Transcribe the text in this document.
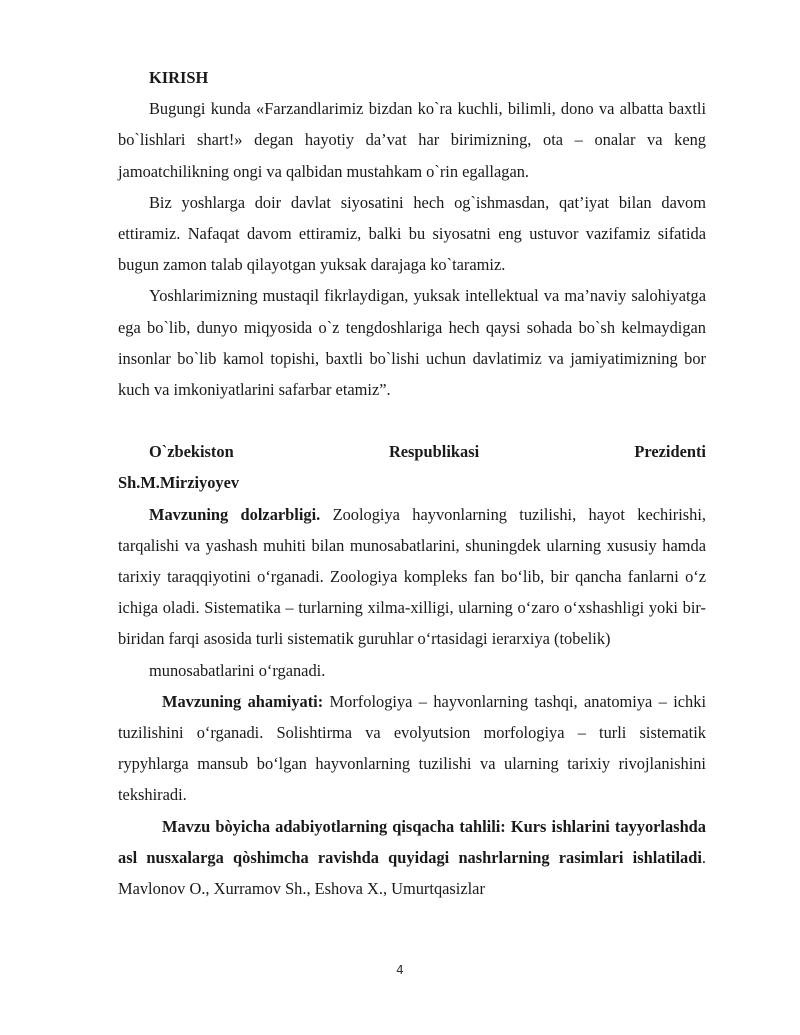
KIRISH

Bugungi kunda «Farzandlarimiz bizdan ko`ra kuchli, bilimli, dono va albatta baxtli bo`lishlari shart!» degan hayotiy da’vat har birimizning, ota – onalar va keng jamoatchilikning ongi va qalbidan mustahkam o`rin egallagan.

Biz yoshlarga doir davlat siyosatini hech og`ishmasdan, qat’iyat bilan davom ettiramiz. Nafaqat davom ettiramiz, balki bu siyosatni eng ustuvor vazifamiz sifatida bugun zamon talab qilayotgan yuksak darajaga ko`taramiz.

Yoshlarimizning mustaqil fikrlaydigan, yuksak intellektual va ma’naviy salohiyatga ega bo`lib, dunyo miqyosida o`z tengdoshlariga hech qaysi sohada bo`sh kelmaydigan insonlar bo`lib kamol topishi, baxtli bo`lishi uchun davlatimiz va jamiyatimizning bor kuch va imkoniyatlarini safarbar etamiz”.

O`zbekiston	Respublikasi	Prezidenti

Sh.M.Mirziyoyev

Mavzuning dolzarbligi. Zoologiya hayvonlarning tuzilishi, hayot kechirishi, tarqalishi va yashash muhiti bilan munosabatlarini, shuningdek ularning xususiy hamda tarixiy taraqqiyotini o‘rganadi. Zoologiya kompleks fan bo‘lib, bir qancha fanlarni o‘z ichiga oladi. Sistematika – turlarning xilma-xilligi, ularning o‘zaro o‘xshashligi yoki bir-biridan farqi asosida turli sistematik guruhlar o‘rtasidagi ierarxiya (tobelik)

munosabatlarini o‘rganadi.

Mavzuning ahamiyati: Morfologiya – hayvonlarning tashqi, anatomiya – ichki tuzilishini o‘rganadi. Solishtirma va evolyutsion morfologiya – turli sistematik rypyhlarga mansub bo‘lgan hayvonlarning tuzilishi va ularning tarixiy rivojlanishini tekshiradi.

Mavzu bòyicha adabiyotlarning qisqacha tahlili: Kurs ishlarini tayyorlashda asl nusxalarga qòshimcha ravishda quyidagi nashrlarning rasimlari ishlatiladi. Mavlonov O., Xurramov Sh., Eshova X., Umurtqasizlar

4
